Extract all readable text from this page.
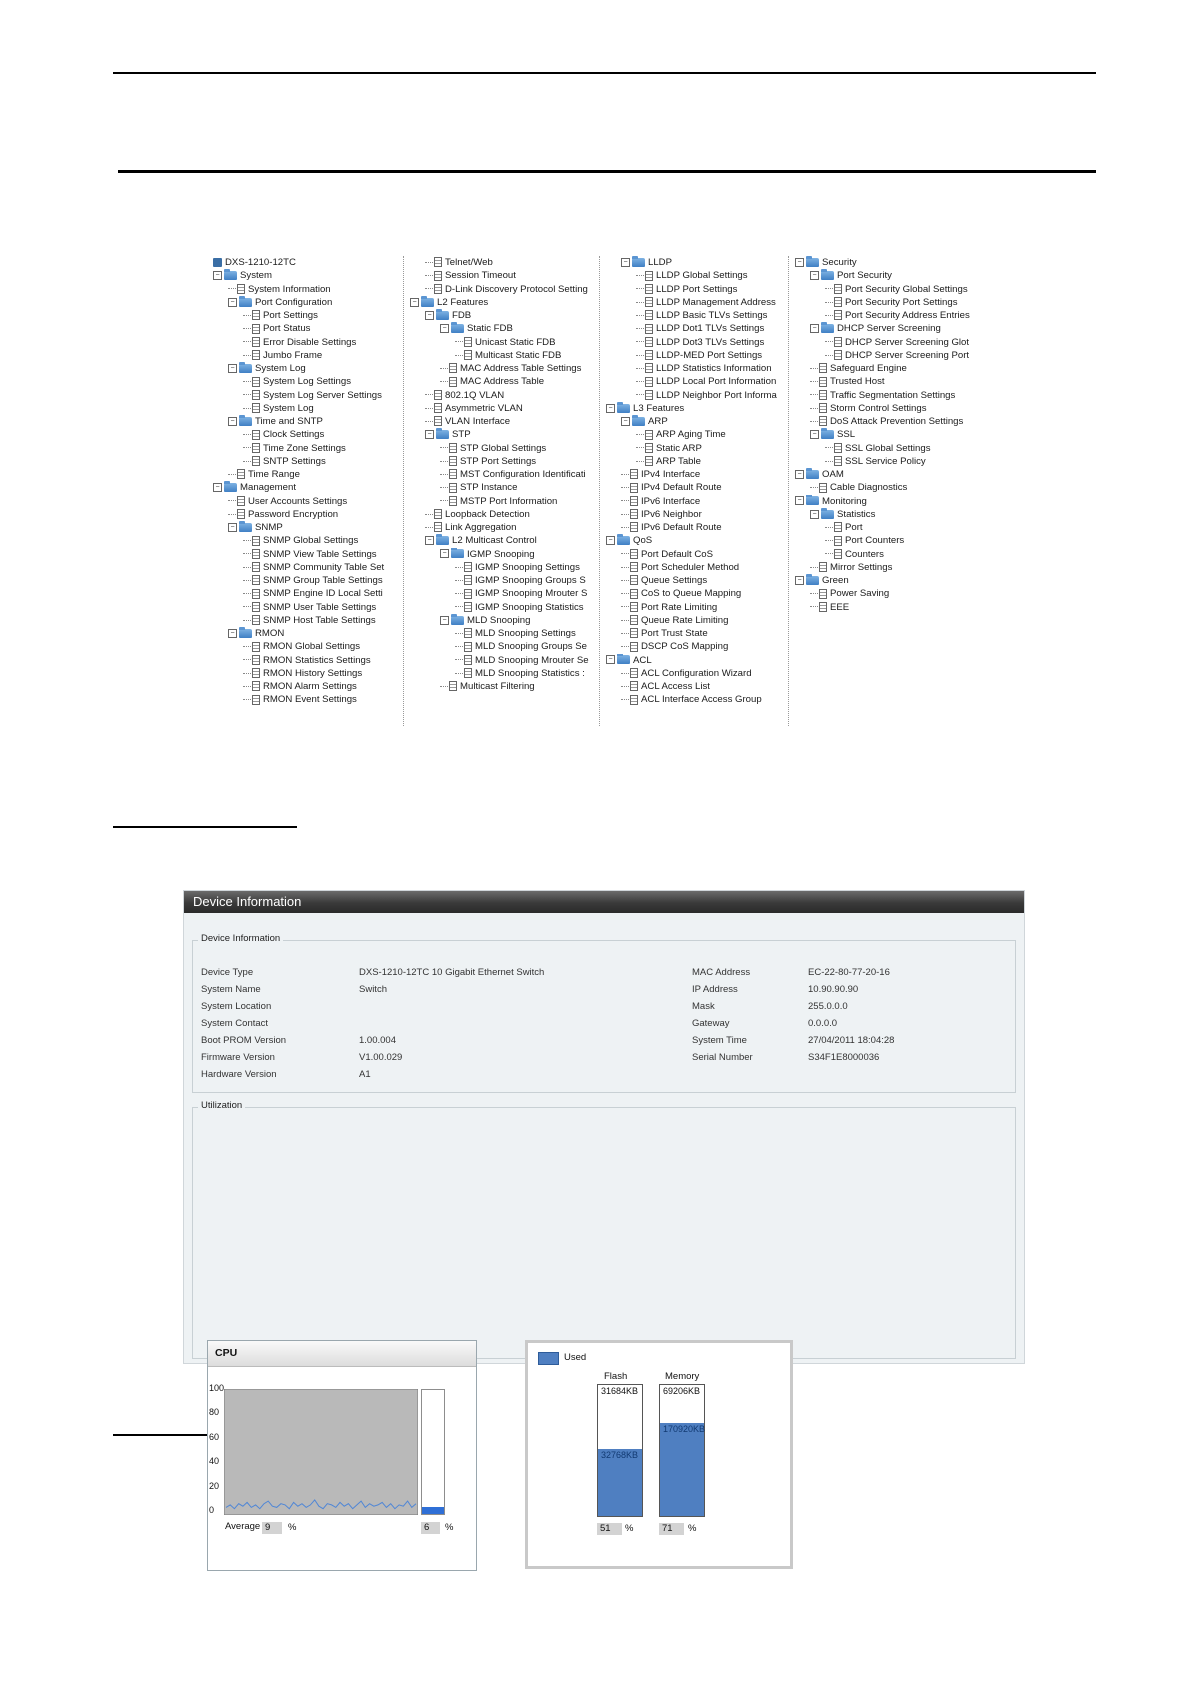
DXS-1210-12TC
− System
System Information
− Port Configuration
Port Settings
Port Status
Error Disable Settings
Jumbo Frame
− System Log
System Log Settings
System Log Server Settings
System Log
− Time and SNTP
Clock Settings
Time Zone Settings
SNTP Settings
Time Range
− Management
User Accounts Settings
Password Encryption
− SNMP
SNMP Global Settings
SNMP View Table Settings
SNMP Community Table Set
SNMP Group Table Settings
SNMP Engine ID Local Setti
SNMP User Table Settings
SNMP Host Table Settings
− RMON
RMON Global Settings
RMON Statistics Settings
RMON History Settings
RMON Alarm Settings
RMON Event Settings
Telnet/Web
Session Timeout
D-Link Discovery Protocol Setting
− L2 Features
− FDB
− Static FDB
Unicast Static FDB
Multicast Static FDB
MAC Address Table Settings
MAC Address Table
802.1Q VLAN
Asymmetric VLAN
VLAN Interface
− STP
STP Global Settings
STP Port Settings
MST Configuration Identificati
STP Instance
MSTP Port Information
Loopback Detection
Link Aggregation
− L2 Multicast Control
− IGMP Snooping
IGMP Snooping Settings
IGMP Snooping Groups S
IGMP Snooping Mrouter S
IGMP Snooping Statistics
− MLD Snooping
MLD Snooping Settings
MLD Snooping Groups Se
MLD Snooping Mrouter Se
MLD Snooping Statistics :
Multicast Filtering
− LLDP
LLDP Global Settings
LLDP Port Settings
LLDP Management Address
LLDP Basic TLVs Settings
LLDP Dot1 TLVs Settings
LLDP Dot3 TLVs Settings
LLDP-MED Port Settings
LLDP Statistics Information
LLDP Local Port Information
LLDP Neighbor Port Informa
− L3 Features
− ARP
ARP Aging Time
Static ARP
ARP Table
IPv4 Interface
IPv4 Default Route
IPv6 Interface
IPv6 Neighbor
IPv6 Default Route
− QoS
Port Default CoS
Port Scheduler Method
Queue Settings
CoS to Queue Mapping
Port Rate Limiting
Queue Rate Limiting
Port Trust State
DSCP CoS Mapping
− ACL
ACL Configuration Wizard
ACL Access List
ACL Interface Access Group
− Security
− Port Security
Port Security Global Settings
Port Security Port Settings
Port Security Address Entries
− DHCP Server Screening
DHCP Server Screening Glot
DHCP Server Screening Port
Safeguard Engine
Trusted Host
Traffic Segmentation Settings
Storm Control Settings
DoS Attack Prevention Settings
− SSL
SSL Global Settings
SSL Service Policy
− OAM
Cable Diagnostics
− Monitoring
− Statistics
Port
Port Counters
Counters
Mirror Settings
− Green
Power Saving
EEE
Device Information
Device Information
Device Type	DXS-1210-12TC 10 Gigabit Ethernet Switch
System Name	Switch
System Location
System Contact
Boot PROM Version	1.00.004
Firmware Version	V1.00.029
Hardware Version	A1
MAC Address	EC-22-80-77-20-16
IP Address	10.90.90.90
Mask	255.0.0.0
Gateway	0.0.0.0
System Time	27/04/2011 18:04:28
Serial Number	S34F1E8000036
Utilization
CPU
100
80
60
40
20
0
Average 9	%	6	%
Used
Flash	Memory
31684KB
32768KB
69206KB
170920KB
51	%	71	%
